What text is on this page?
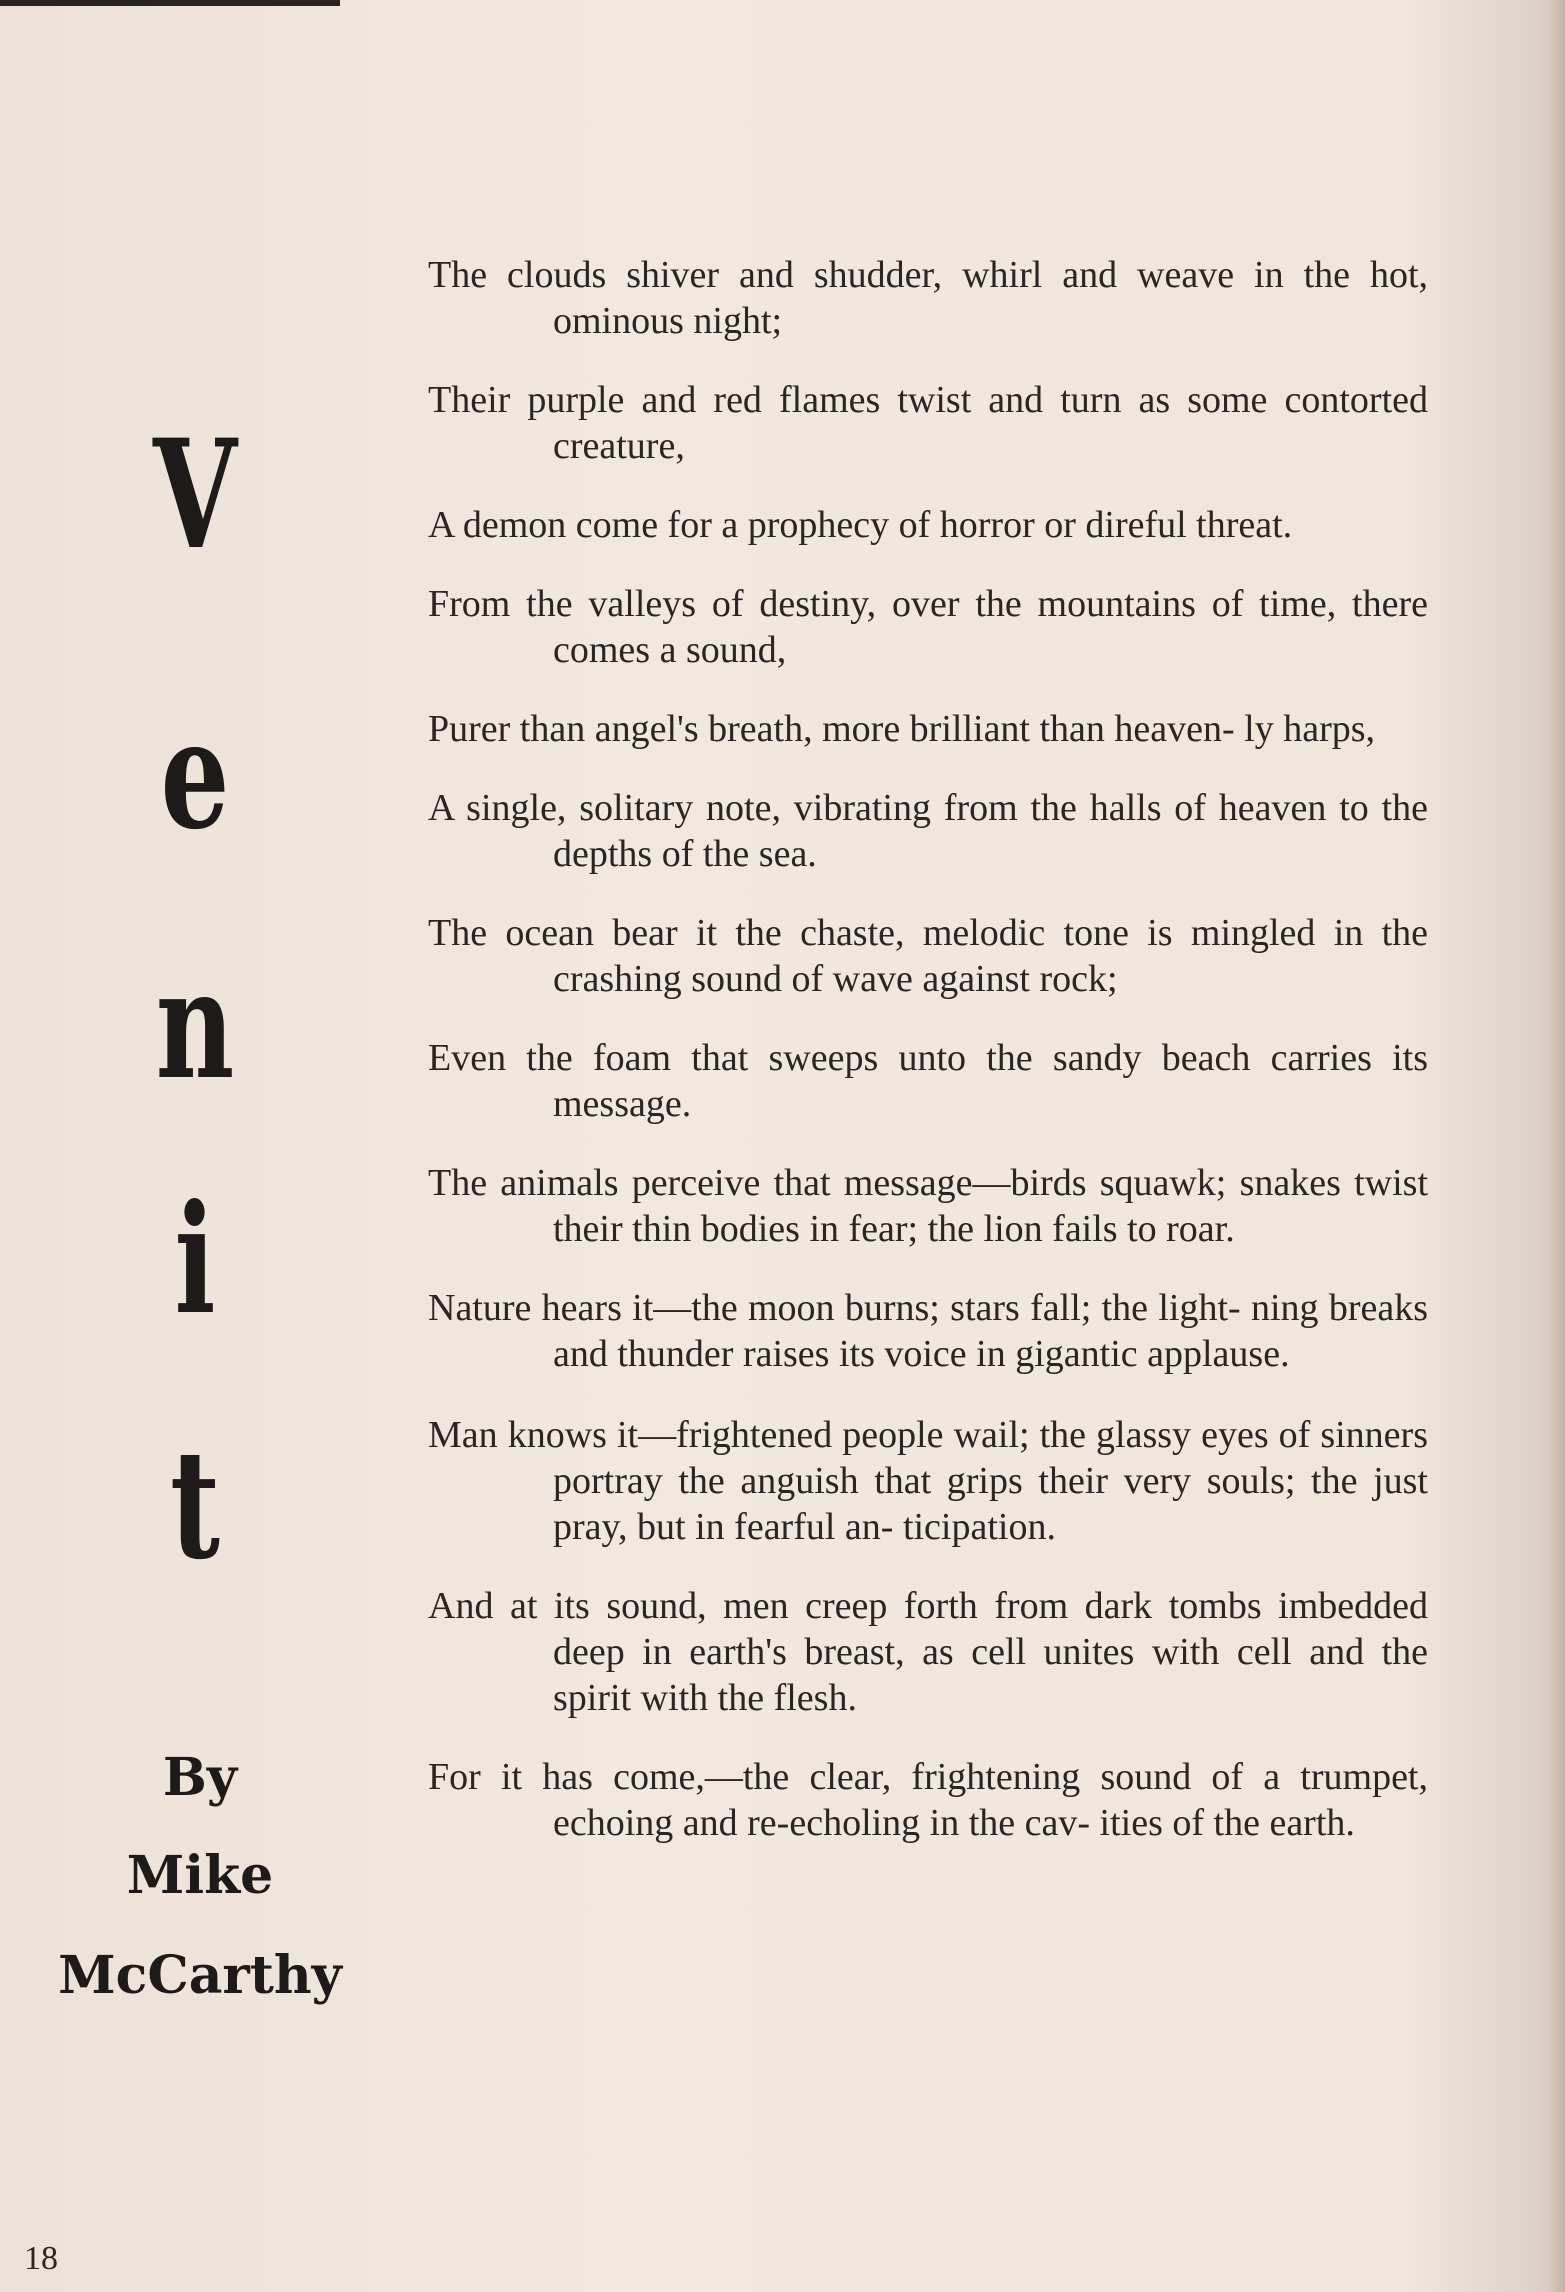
V
e
n
i
t
By
Mike
McCarthy

The clouds shiver and shudder, whirl and weave in the hot, ominous night;

Their purple and red flames twist and turn as some contorted creature,

A demon come for a prophecy of horror or direful threat.

From the valleys of destiny, over the mountains of time, there comes a sound,

Purer than angel's breath, more brilliant than heaven- ly harps,

A single, solitary note, vibrating from the halls of heaven to the depths of the sea.

The ocean bear it the chaste, melodic tone is mingled in the crashing sound of wave against rock;

Even the foam that sweeps unto the sandy beach carries its message.

The animals perceive that message—birds squawk; snakes twist their thin bodies in fear; the lion fails to roar.

Nature hears it—the moon burns; stars fall; the light- ning breaks and thunder raises its voice in gigantic applause.

Man knows it—frightened people wail; the glassy eyes of sinners portray the anguish that grips their very souls; the just pray, but in fearful an- ticipation.

And at its sound, men creep forth from dark tombs imbedded deep in earth's breast, as cell unites with cell and the spirit with the flesh.

For it has come,—the clear, frightening sound of a trumpet, echoing and re-echoling in the cav- ities of the earth.

18
